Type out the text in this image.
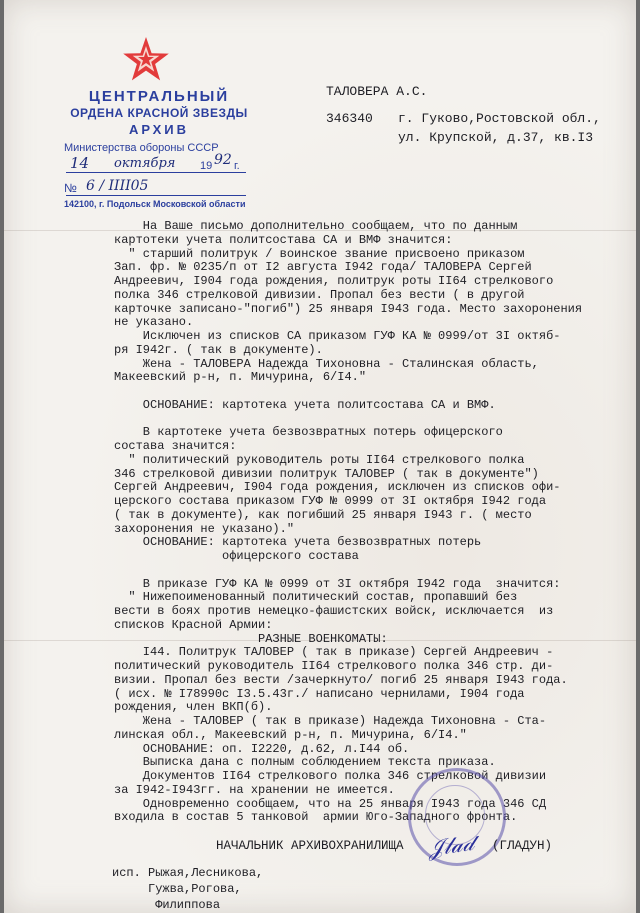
ЦЕНТРАЛЬНЫЙ
ОРДЕНА КРАСНОЙ ЗВЕЗДЫ
АРХИВ
Министерства обороны СССР
14 октября 19 92 г.
№ 6 / IIII05
142100, г. Подольск Московской области
ТАЛОВЕРА А.С.
346340 г. Гуково,Ростовской обл.,
ул. Крупской, д.37, кв.I3
На Ваше письмо дополнительно сообщаем, что по данным
картотеки учета политсостава СА и ВМФ значится:
" старший политрук / воинское звание присвоено приказом
Зап. фр. № 0235/п от I2 августа I942 года/ ТАЛОВЕРА Сергей
Андреевич, I904 года рождения, политрук роты II64 стрелкового
полка 346 стрелковой дивизии. Пропал без вести ( в другой
карточке записано-"погиб") 25 января I943 года. Место захоронения
не указано.
Исключен из списков СА приказом ГУФ КА № 0999/от 3I октяб-
ря I942г. ( так в документе).
Жена - ТАЛОВЕРА Надежда Тихоновна - Сталинская область,
Макеевский р-н, п. Мичурина, 6/I4."
ОСНОВАНИЕ: картотека учета политсостава СА и ВМФ.
В картотеке учета безвозвратных потерь офицерского
состава значится:
" политический руководитель роты II64 стрелкового полка
346 стрелковой дивизии политрук ТАЛОВЕР ( так в документе")
Сергей Андреевич, I904 года рождения, исключен из списков офи-
церского состава приказом ГУФ № 0999 от 3I октября I942 года
( так в документе), как погибший 25 января I943 г. ( место
захоронения не указано)."
ОСНОВАНИЕ: картотека учета безвозвратных потерь
офицерского состава
В приказе ГУФ КА № 0999 от 3I октября I942 года  значится:
" Нижепоименованный политический состав, пропавший без
вести в боях против немецко-фашистских войск, исключается  из
списков Красной Армии:
РАЗНЫЕ ВОЕНКОМАТЫ:
I44. Политрук ТАЛОВЕР ( так в приказе) Сергей Андреевич -
политический руководитель II64 стрелкового полка 346 стр. ди-
визии. Пропал без вести /зачеркнуто/ погиб 25 января I943 года.
( исх. № I78990с I3.5.43г./ написано чернилами, I904 года
рождения, член ВКП(б).
Жена - ТАЛОВЕР ( так в приказе) Надежда Тихоновна - Ста-
линская обл., Макеевский р-н, п. Мичурина, 6/I4."
ОСНОВАНИЕ: оп. I2220, д.62, л.I44 об.
Выписка дана с полным соблюдением текста приказа.
Документов II64 стрелкового полка 346 стрелковой дивизии
за I942-I943гг. на хранении не имеется.
Одновременно сообщаем, что на 25 января I943 года 346 СД
входила в состав 5 танковой  армии Юго-Западного фронта.
𝒥𝓁𝒶𝒹
НАЧАЛЬНИК АРХИВОХРАНИЛИЩА	(ГЛАДУН)
исп. Рыжая,Лесникова,
Гужва,Рогова,
Филиппова
